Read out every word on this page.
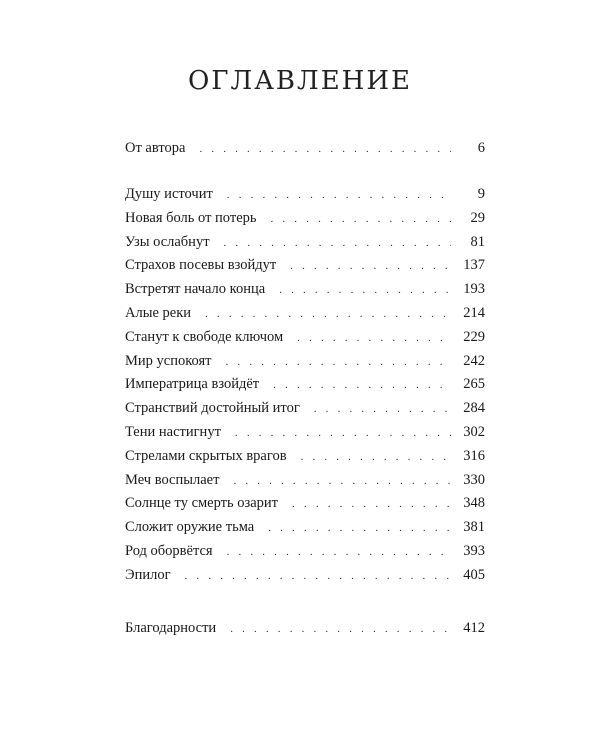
ОГЛАВЛЕНИЕ
От автора . . .	6
Душу источит . . .	9
Новая боль от потерь . . .	29
Узы ослабнут . . .	81
Страхов посевы взойдут . . .	137
Встретят начало конца . . .	193
Алые реки . . .	214
Станут к свободе ключом . . .	229
Мир успокоят . . .	242
Императрица взойдёт . . .	265
Странствий достойный итог . . .	284
Тени настигнут . . .	302
Стрелами скрытых врагов . . .	316
Меч воспылает . . .	330
Солнце ту смерть озарит . . .	348
Сложит оружие тьма . . .	381
Род оборвётся . . .	393
Эпилог . . .	405
Благодарности . . .	412
